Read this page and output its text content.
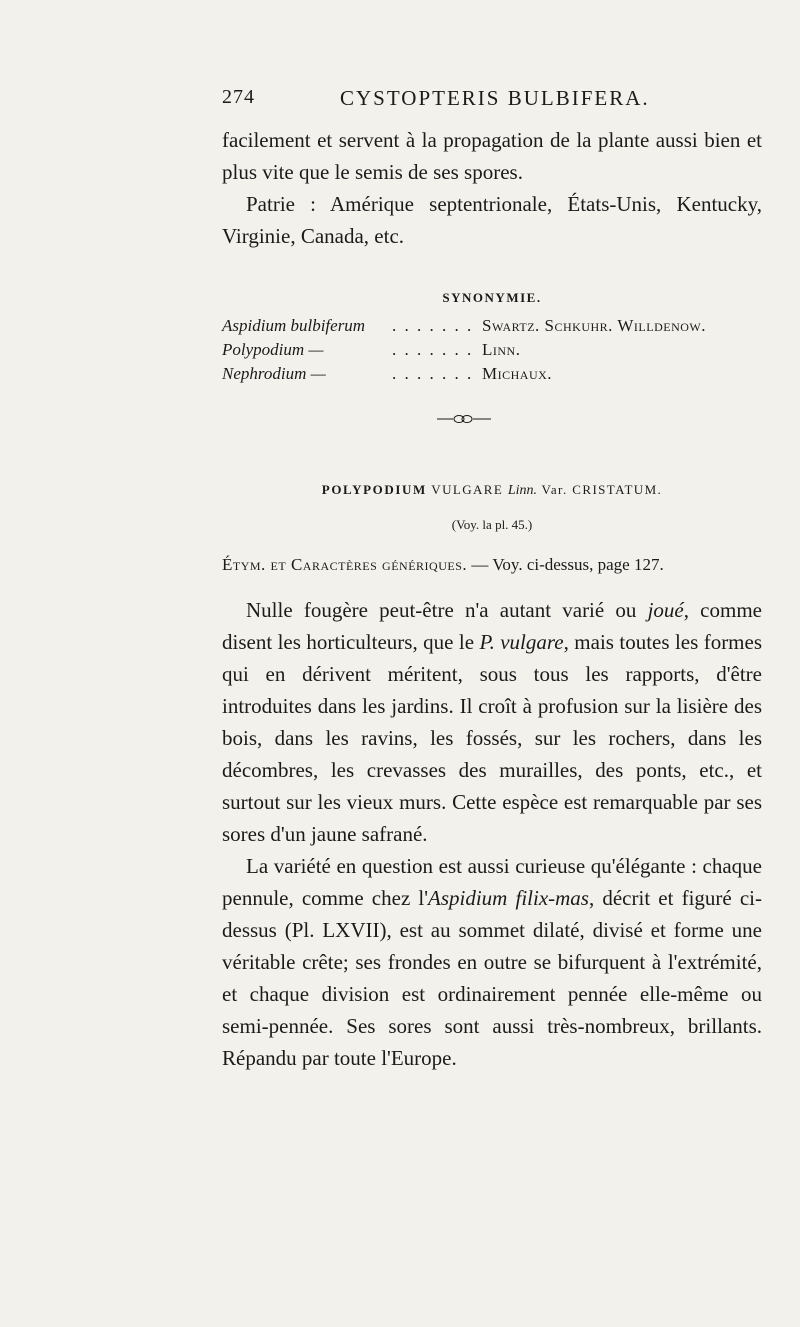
274	CYSTOPTERIS BULBIFERA.

facilement et servent à la propagation de la plante aussi bien et plus vite que le semis de ses spores.

Patrie : Amérique septentrionale, États-Unis, Kentucky, Virginie, Canada, etc.

SYNONYMIE.
Aspidium bulbiferum . . . . . . . Swartz. Schkuhr. Willdenow.
Polypodium —	. . . . . . . Linn.
Nephrodium —	. . . . . . . Michaux.
POLYPODIUM VULGARE Linn. Var. CRISTATUM.
(Voy. la pl. 45.)
Étym. et Caractères génériques. — Voy. ci-dessus, page 127.

Nulle fougère peut-être n'a autant varié ou joué, comme disent les horticulteurs, que le P. vulgare, mais toutes les formes qui en dérivent méritent, sous tous les rapports, d'être introduites dans les jardins. Il croît à profusion sur la lisière des bois, dans les ravins, les fossés, sur les rochers, dans les décombres, les crevasses des murailles, des ponts, etc., et surtout sur les vieux murs. Cette espèce est remarquable par ses sores d'un jaune safrané.

La variété en question est aussi curieuse qu'élégante : chaque pennule, comme chez l'Aspidium filix-mas, décrit et figuré ci-dessus (Pl. LXVII), est au sommet dilaté, divisé et forme une véritable crête; ses frondes en outre se bifurquent à l'extrémité, et chaque division est ordinairement pennée elle-même ou semi-pennée. Ses sores sont aussi très-nombreux, brillants. Répandu par toute l'Europe.
